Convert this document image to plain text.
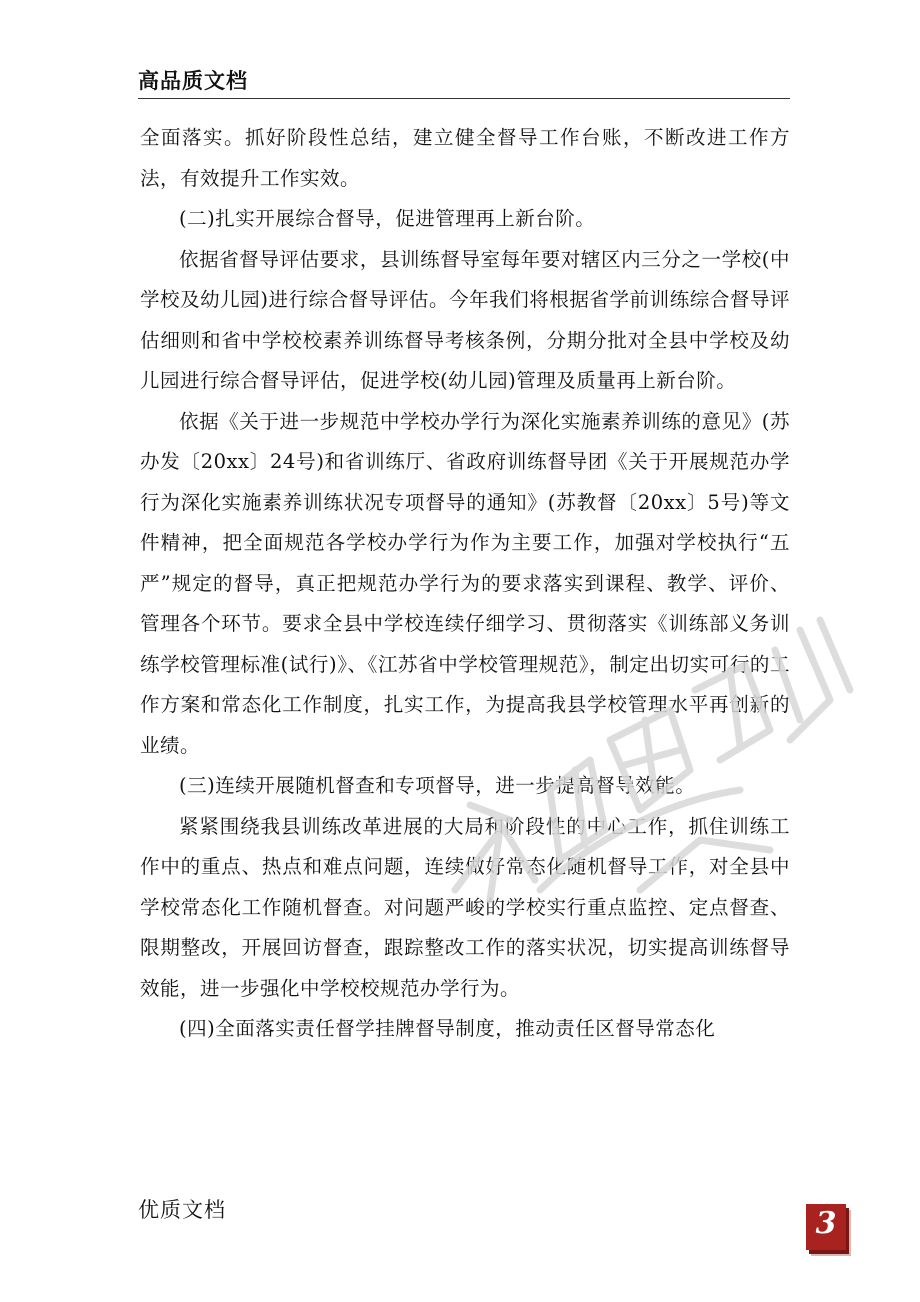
高品质文档

全面落实。抓好阶段性总结，建立健全督导工作台账，不断改进工作方法，有效提升工作实效。

(二)扎实开展综合督导，促进管理再上新台阶。

依据省督导评估要求，县训练督导室每年要对辖区内三分之一学校(中学校及幼儿园)进行综合督导评估。今年我们将根据省学前训练综合督导评估细则和省中学校校素养训练督导考核条例，分期分批对全县中学校及幼儿园进行综合督导评估，促进学校(幼儿园)管理及质量再上新台阶。

依据《关于进一步规范中学校办学行为深化实施素养训练的意见》(苏办发〔20xx〕24号)和省训练厅、省政府训练督导团《关于开展规范办学行为深化实施素养训练状况专项督导的通知》(苏教督〔20xx〕5号)等文件精神，把全面规范各学校办学行为作为主要工作，加强对学校执行“五严”规定的督导，真正把规范办学行为的要求落实到课程、教学、评价、管理各个环节。要求全县中学校连续仔细学习、贯彻落实《训练部义务训练学校管理标准(试行)》、《江苏省中学校管理规范》，制定出切实可行的工作方案和常态化工作制度，扎实工作，为提高我县学校管理水平再创新的业绩。

(三)连续开展随机督查和专项督导，进一步提高督导效能。

紧紧围绕我县训练改革进展的大局和阶段性的中心工作，抓住训练工作中的重点、热点和难点问题，连续做好常态化随机督导工作，对全县中学校常态化工作随机督查。对问题严峻的学校实行重点监控、定点督查、限期整改，开展回访督查，跟踪整改工作的落实状况，切实提高训练督导效能，进一步强化中学校校规范办学行为。

(四)全面落实责任督学挂牌督导制度，推动责任区督导常态化

优质文档	3
